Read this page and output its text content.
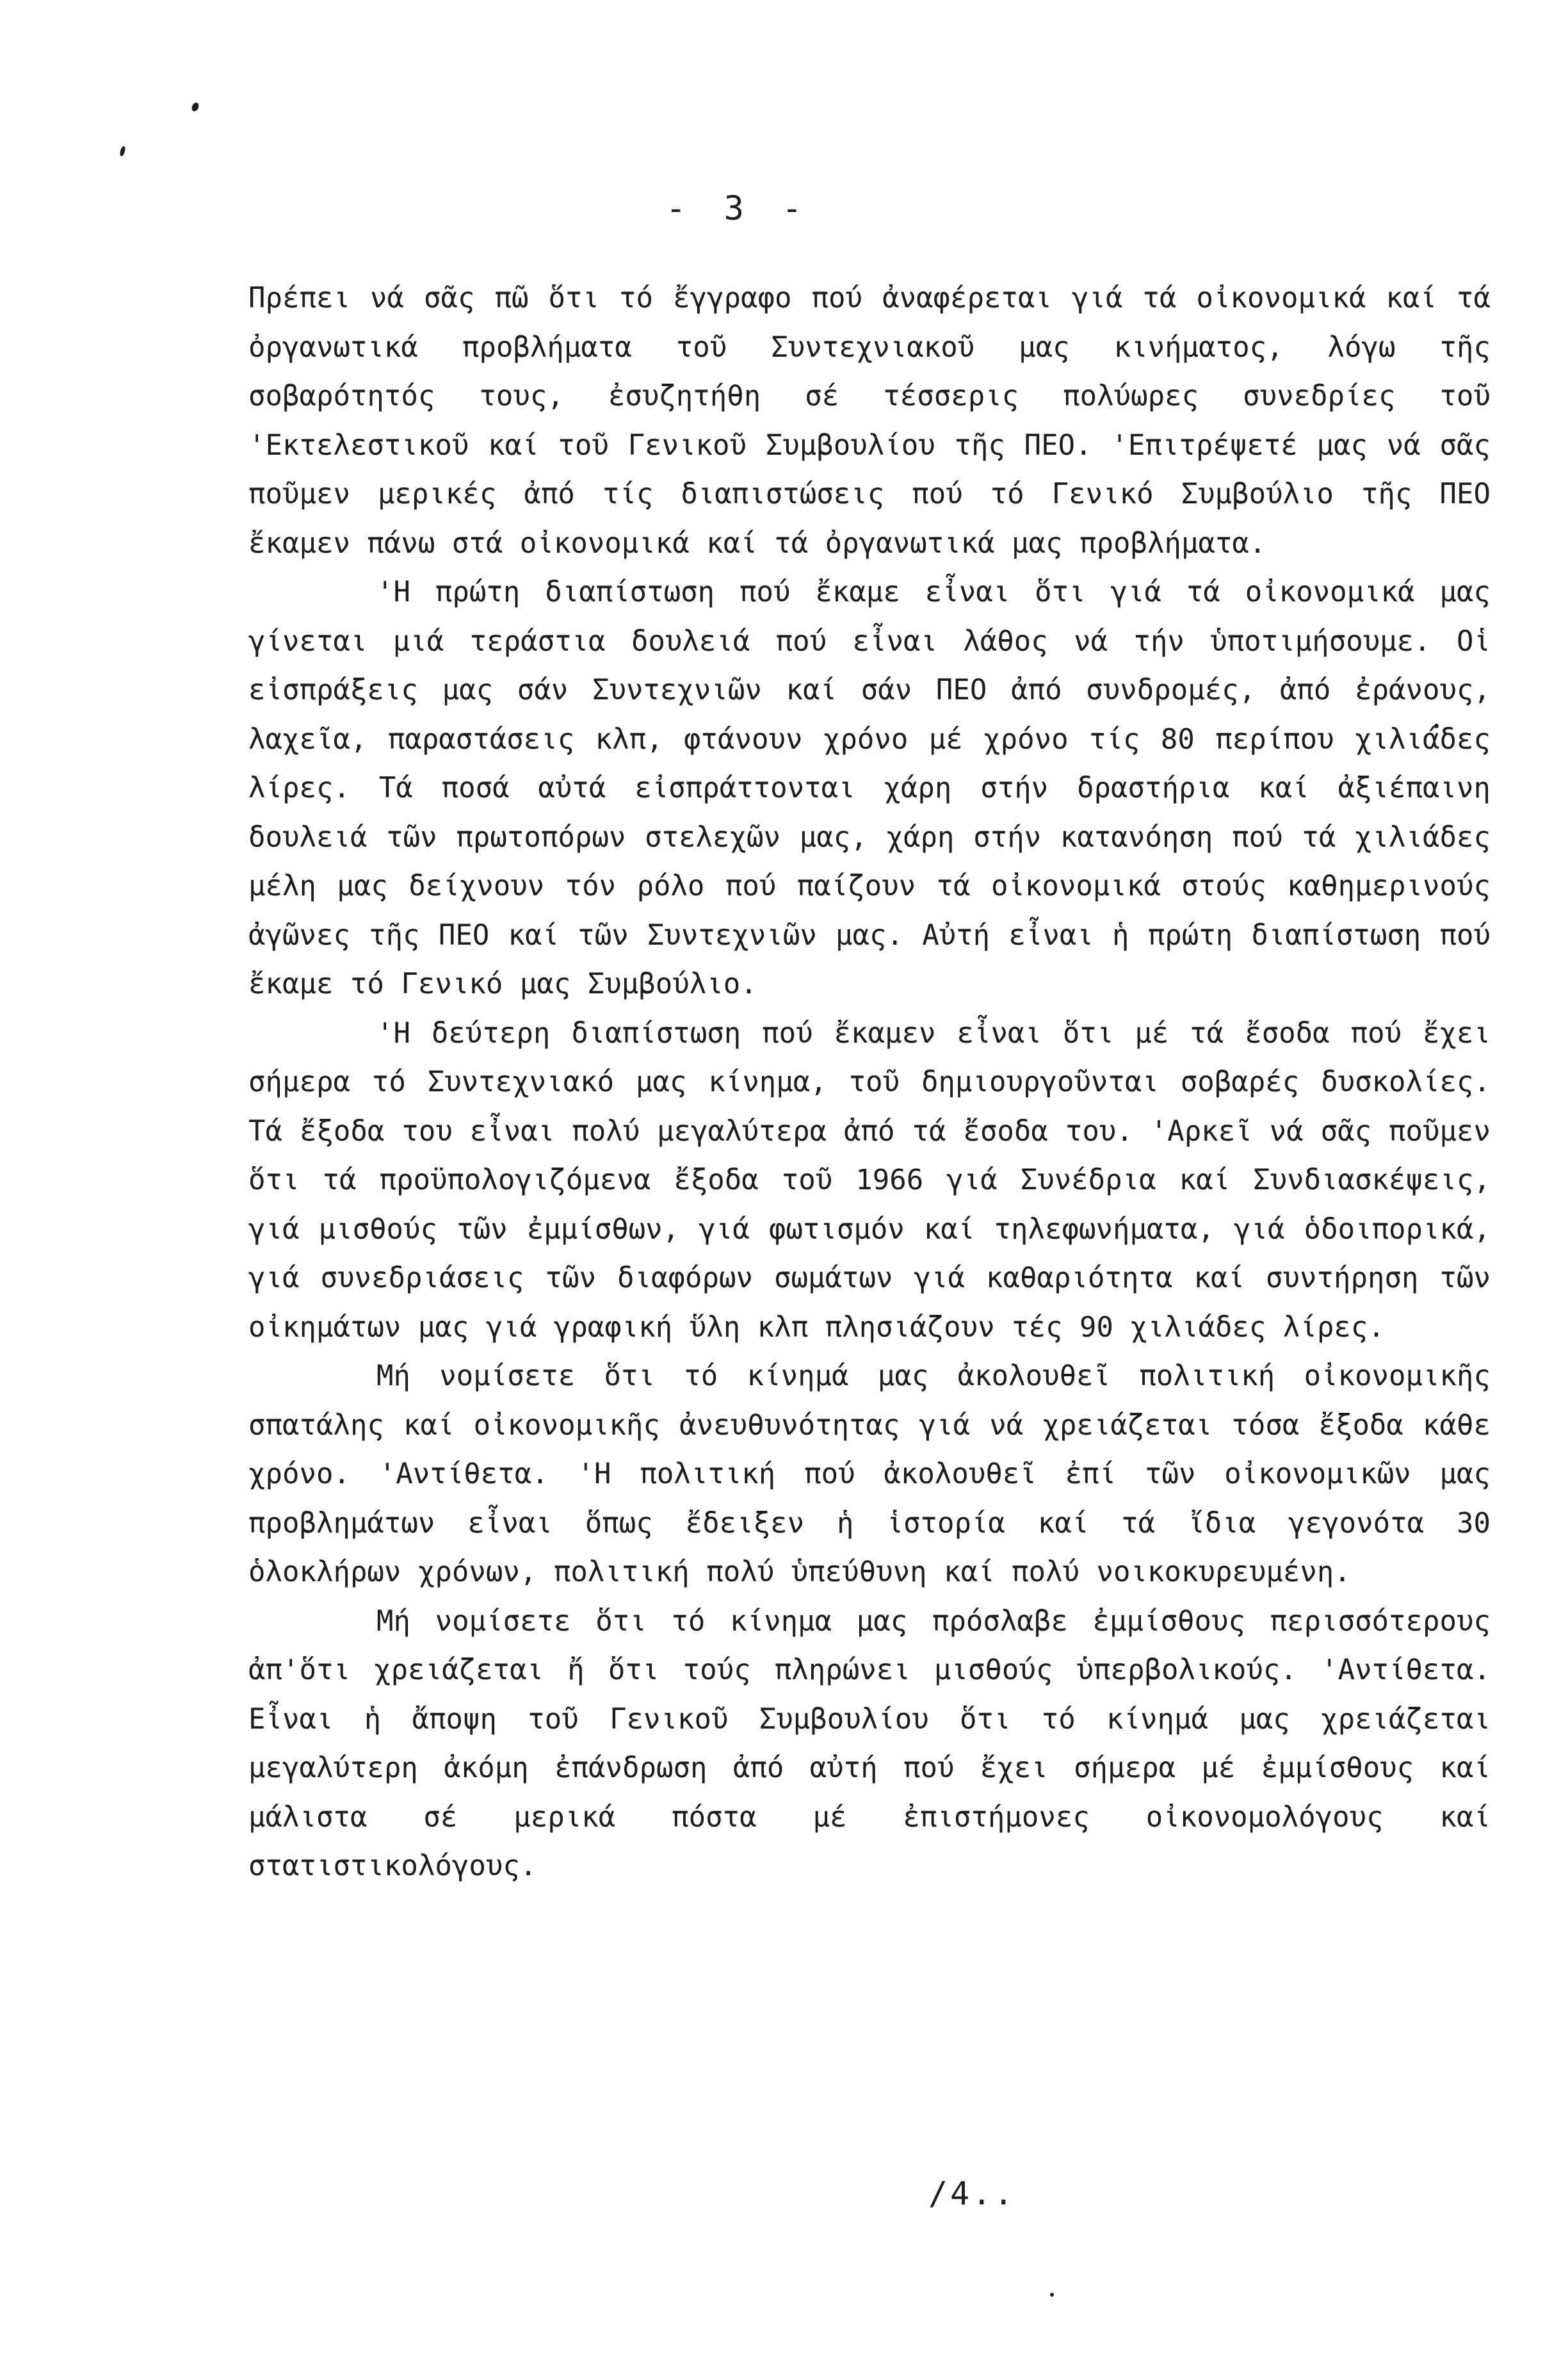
- 3 -

Πρέπει νά σᾶς πῶ ὅτι τό ἔγγραφο πού ἀναφέρεται γιά τά οἰκονομικά καί τά ὀργανωτικά προβλήματα τοῦ Συντεχνιακοῦ μας κινήματος, λόγω τῆς σοβαρότητός τους, ἐσυζητήθη σέ τέσσερις πολύωρες συνεδρίες τοῦ 'Εκτελεστικοῦ καί τοῦ Γενικοῦ Συμβουλίου τῆς ΠΕΟ. 'Επιτρέψετέ μας νά σᾶς ποῦμεν μερικές ἀπό τίς διαπιστώσεις πού τό Γενικό Συμβούλιο τῆς ΠΕΟ ἔκαμεν πάνω στά οἰκονομικά καί τά ὀργανωτικά μας προβλήματα.

'Η πρώτη διαπίστωση πού ἔκαμε εἶναι ὅτι γιά τά οἰκονομικά μας γίνεται μιά τεράστια δουλειά πού εἶναι λάθος νά τήν ὑποτιμήσουμε. Οἱ εἰσπράξεις μας σάν Συντεχνιῶν καί σάν ΠΕΟ ἀπό συνδρομές, ἀπό ἐράνους, λαχεῖα, παραστάσεις κλπ, φτάνουν χρόνο μέ χρόνο τίς 80 περίπου χιλιάδες λίρες. Τά ποσά αὐτά εἰσπράττονται χάρη στήν δραστήρια καί ἀξιέπαινη δουλειά τῶν πρωτοπόρων στελεχῶν μας, χάρη στήν κατανόηση πού τά χιλιάδες μέλη μας δείχνουν τόν ρόλο πού παίζουν τά οἰκονομικά στούς καθημερινούς ἀγῶνες τῆς ΠΕΟ καί τῶν Συντεχνιῶν μας. Αὐτή εἶναι ἡ πρώτη διαπίστωση πού ἔκαμε τό Γενικό μας Συμβούλιο.

'Η δεύτερη διαπίστωση πού ἔκαμεν εἶναι ὅτι μέ τά ἔσοδα πού ἔχει σήμερα τό Συντεχνιακό μας κίνημα, τοῦ δημιουργοῦνται σοβαρές δυσκολίες. Τά ἔξοδα του εἶναι πολύ μεγαλύτερα ἀπό τά ἔσοδα του. 'Αρκεῖ νά σᾶς ποῦμεν ὅτι τά προϋπολογιζόμενα ἔξοδα τοῦ 1966 γιά Συνέδρια καί Συνδιασκέψεις, γιά μισθούς τῶν ἐμμίσθων, γιά φωτισμόν καί τηλεφωνήματα, γιά ὁδοιπορικά, γιά συνεδριάσεις τῶν διαφόρων σωμάτων γιά καθαριότητα καί συντήρηση τῶν οἰκημάτων μας γιά γραφική ὕλη κλπ πλησιάζουν τές 90 χιλιάδες λίρες.

Μή νομίσετε ὅτι τό κίνημά μας ἀκολουθεῖ πολιτική οἰκονομικῆς σπατάλης καί οἰκονομικῆς ἀνευθυνότητας γιά νά χρειάζεται τόσα ἔξοδα κάθε χρόνο. 'Αντίθετα. 'Η πολιτική πού ἀκολουθεῖ ἐπί τῶν οἰκονομικῶν μας προβλημάτων εἶναι ὅπως ἔδειξεν ἡ ἱστορία καί τά ἴδια γεγονότα 30 ὁλοκλήρων χρόνων, πολιτική πολύ ὑπεύθυνη καί πολύ νοικοκυρευμένη.

Μή νομίσετε ὅτι τό κίνημα μας πρόσλαβε ἐμμίσθους περισσότερους ἀπ'ὅτι χρειάζεται ἤ ὅτι τούς πληρώνει μισθούς ὑπερβολικούς. 'Αντίθετα. Εἶναι ἡ ἄποψη τοῦ Γενικοῦ Συμβουλίου ὅτι τό κίνημά μας χρειάζεται μεγαλύτερη ἀκόμη ἐπάνδρωση ἀπό αὐτή πού ἔχει σήμερα μέ ἐμμίσθους καί μάλιστα σέ μερικά πόστα μέ ἐπιστήμονες οἰκονομολόγους καί στατιστικολόγους.

/4..
